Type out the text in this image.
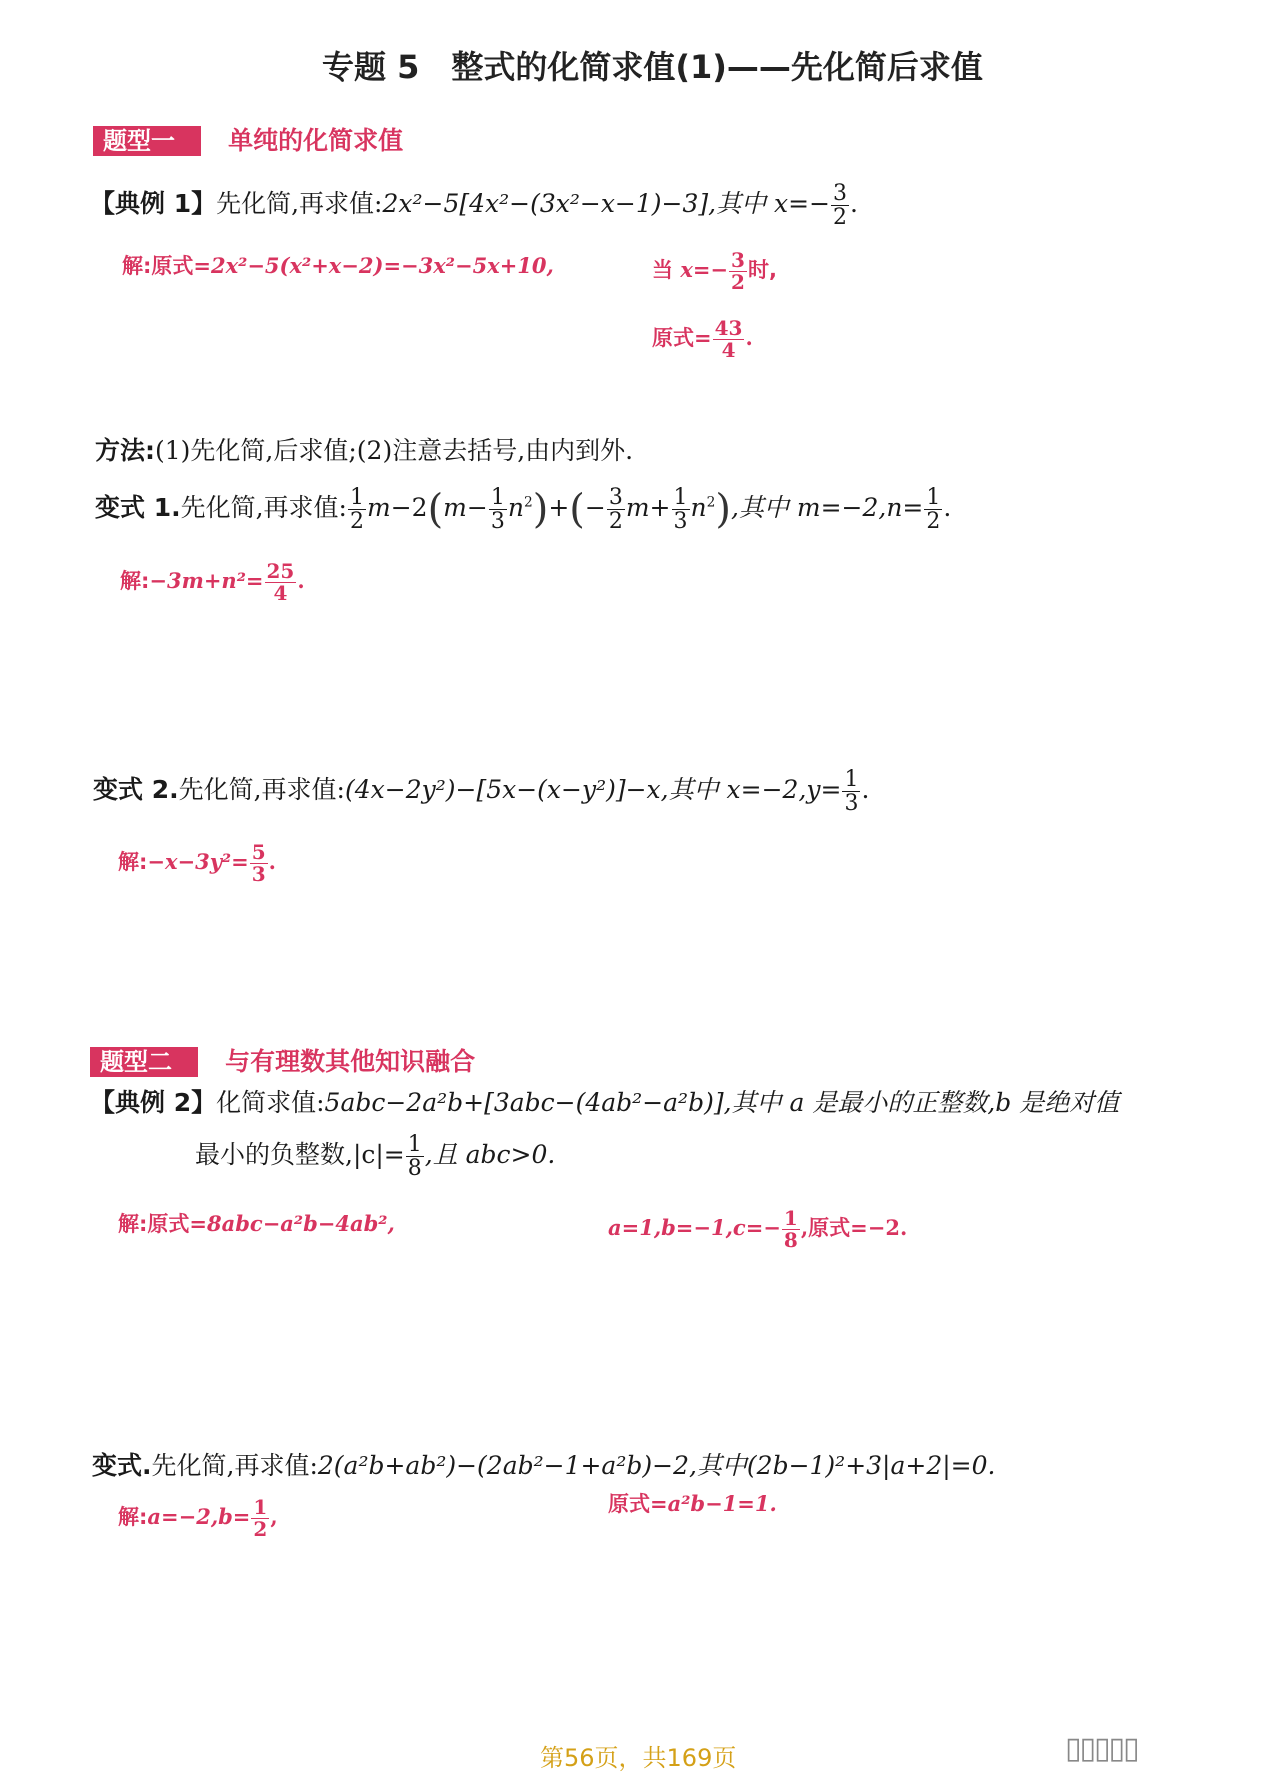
专题 5　整式的化简求值(1)——先化简后求值
题型一 单纯的化简求值
【典例 1】先化简,再求值:2x²−5[4x²−(3x²−x−1)−3],其中 $x=- \frac{3}{2}$ .
解:原式=2x²−5(x²+x−2)=−3x²−5x+10,	当 $x=- \frac{3}{2}$ 时,
原式= $\frac{43}{4}$ .
方法:(1)先化简,后求值;(2)注意去括号,由内到外.
变式 1.先化简,再求值: $\frac{1}{2} m-2(m- \frac{1}{3} n^2)+(- \frac{3}{2} m+ \frac{1}{3} n^2)$,其中 $m=-2,n= \frac{1}{2}$ .
解:−3m+n²= $\frac{25}{4}$ .
变式 2.先化简,再求值:(4x−2y²)−[5x−(x−y²)]−x,其中 $x=-2,y= \frac{1}{3}$ .
解:−x−3y²= $\frac{5}{3}$ .
题型二 与有理数其他知识融合
【典例 2】化简求值:5abc−2a²b+[3abc−(4ab²−a²b)],其中 a 是最小的正整数,b 是绝对值
最小的负整数$,|c|= \frac{1}{8}$ ,且 abc>0.
解:原式=8abc−a²b−4ab²,	$a=1,b=-1,c=- \frac{1}{8}$ ,原式=−2.
变式.先化简,再求值:2(a²b+ab²)−(2ab²−1+a²b)−2,其中(2b−1)²+3|a+2|=0.
解:a=−2,b= $\frac{1}{2}$ ,	原式=a²b−1=1.
▯▯▯▯▯
第56页，共169页
